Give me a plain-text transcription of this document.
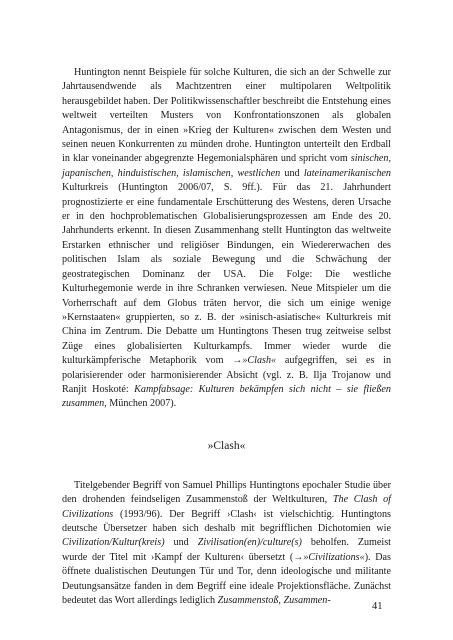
Huntington nennt Beispiele für solche Kulturen, die sich an der Schwelle zur Jahrtausendwende als Machtzentren einer multipolaren Weltpolitik herausgebildet haben. Der Politikwissenschaftler beschreibt die Entstehung eines weltweit verteilten Musters von Konfrontationszonen als globalen Antagonismus, der in einen »Krieg der Kulturen« zwischen dem Westen und seinen neuen Konkurrenten zu münden drohe. Huntington unterteilt den Erdball in klar voneinander abgegrenzte Hegemonialsphären und spricht vom sinischen, japanischen, hinduistischen, islamischen, westlichen und lateinamerikanischen Kulturkreis (Huntington 2006/07, S. 9ff.). Für das 21. Jahrhundert prognostizierte er eine fundamentale Erschütterung des Westens, deren Ursache er in den hochproblematischen Globalisierungsprozessen am Ende des 20. Jahrhunderts erkennt. In diesen Zusammenhang stellt Huntington das weltweite Erstarken ethnischer und religiöser Bindungen, ein Wiedererwachen des politischen Islam als soziale Bewegung und die Schwächung der geostrategischen Dominanz der USA. Die Folge: Die westliche Kulturhegemonie werde in ihre Schranken verwiesen. Neue Mitspieler um die Vorherrschaft auf dem Globus träten hervor, die sich um einige wenige »Kernstaaten« gruppierten, so z. B. der »sinisch-asiatische« Kulturkreis mit China im Zentrum. Die Debatte um Huntingtons Thesen trug zeitweise selbst Züge eines globalisierten Kulturkampfs. Immer wieder wurde die kulturkämpferische Metaphorik vom →»Clash« aufgegriffen, sei es in polarisierender oder harmonisierender Absicht (vgl. z. B. Ilja Trojanow und Ranjit Hoskoté: Kampfabsage: Kulturen bekämpfen sich nicht – sie fließen zusammen, München 2007).

»Clash«

Titelgebender Begriff von Samuel Phillips Huntingtons epochaler Studie über den drohenden feindseligen Zusammenstoß der Weltkulturen, The Clash of Civilizations (1993/96). Der Begriff ›Clash‹ ist vielschichtig. Huntingtons deutsche Übersetzer haben sich deshalb mit begrifflichen Dichotomien wie Civilization/Kultur(kreis) und Zivilisation(en)/culture(s) beholfen. Zumeist wurde der Titel mit ›Kampf der Kulturen‹ übersetzt (→»Civilizations«). Das öffnete dualistischen Deutungen Tür und Tor, denn ideologische und militante Deutungsansätze fanden in dem Begriff eine ideale Projektionsfläche. Zunächst bedeutet das Wort allerdings lediglich Zusammenstoß, Zusammen-

41
